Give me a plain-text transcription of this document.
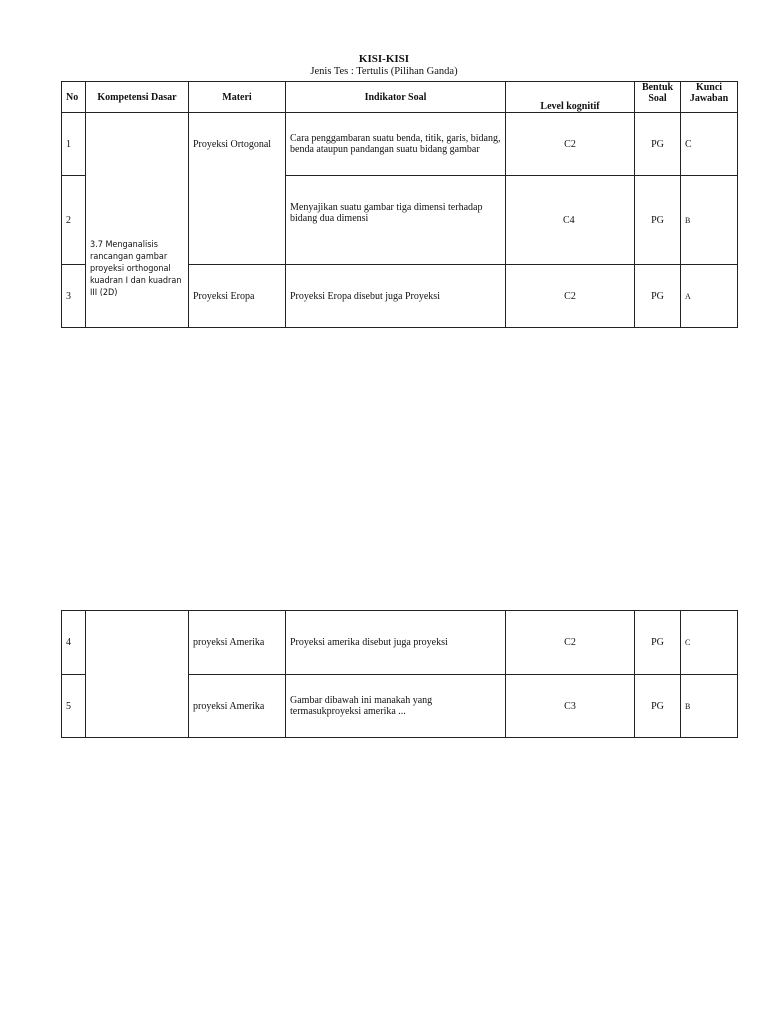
KISI-KISI
Jenis Tes : Tertulis (Pilihan Ganda)
No	Kompetensi Dasar	Materi	Indikator Soal	Level kognitif	Bentuk Soal	Kunci Jawaban
1	3.7 Menganalisis rancangan gambar proyeksi orthogonal kuadran I dan kuadran III (2D)	Proyeksi Ortogonal	Cara penggambaran suatu benda, titik, garis, bidang, benda ataupun pandangan suatu bidang gambar	C2	PG	C
2			Menyajikan suatu gambar tiga dimensi terhadap bidang dua dimensi	C4	PG	B
3		Proyeksi Eropa	Proyeksi Eropa disebut juga Proyeksi	C2	PG	A
4		proyeksi Amerika	Proyeksi amerika disebut juga proyeksi	C2	PG	C
5		proyeksi Amerika	Gambar dibawah ini manakah yang termasukproyeksi amerika ...	C3	PG	B
